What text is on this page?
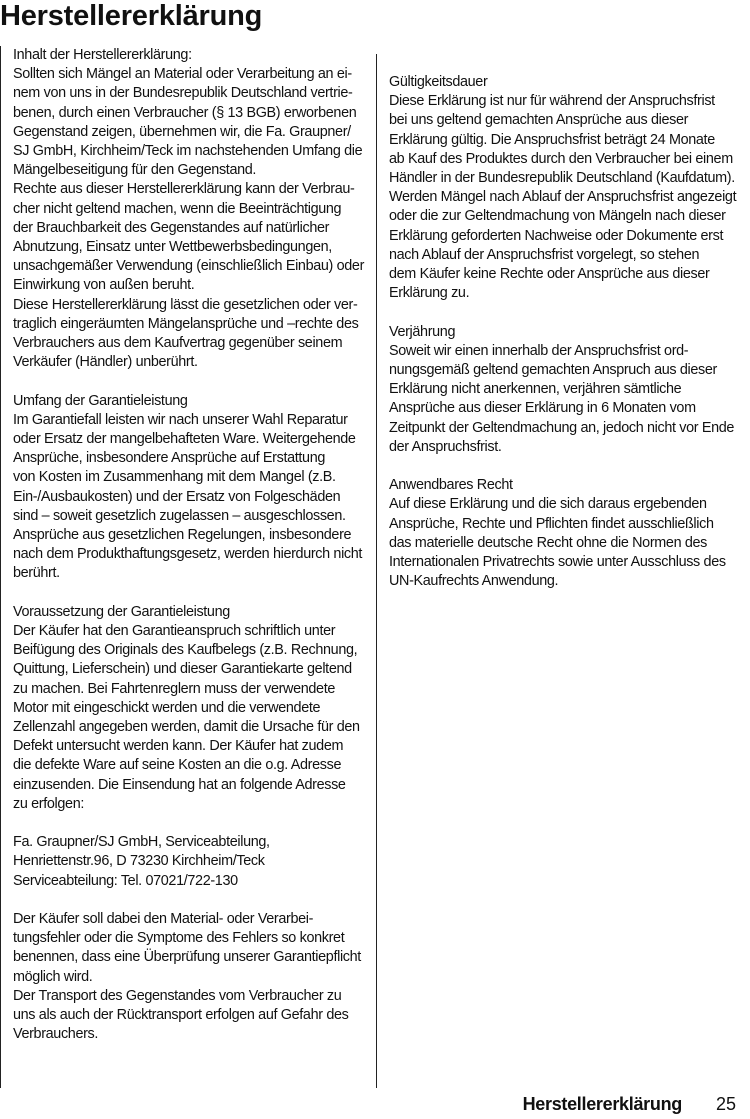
Herstellererklärung
Inhalt der Herstellererklärung:
Sollten sich Mängel an Material oder Verarbeitung an ei-
nem von uns in der Bundesrepublik Deutschland vertrie-
benen, durch einen Verbraucher (§ 13 BGB) erworbenen
Gegenstand zeigen, übernehmen wir, die Fa. Graupner/
SJ GmbH, Kirchheim/Teck im nachstehenden Umfang die
Mängelbeseitigung für den Gegenstand.
Rechte aus dieser Herstellererklärung kann der Verbrau-
cher nicht geltend machen, wenn die Beeinträchtigung
der Brauchbarkeit des Gegenstandes auf natürlicher
Abnutzung, Einsatz unter Wettbewerbsbedingungen,
unsachgemäßer Verwendung (einschließlich Einbau) oder
Einwirkung von außen beruht.
Diese Herstellererklärung lässt die gesetzlichen oder ver-
traglich eingeräumten Mängelansprüche und –rechte des
Verbrauchers aus dem Kaufvertrag gegenüber seinem
Verkäufer (Händler) unberührt.
Umfang der Garantieleistung
Im Garantiefall leisten wir nach unserer Wahl Reparatur
oder Ersatz der mangelbehafteten Ware. Weitergehende
Ansprüche, insbesondere Ansprüche auf Erstattung
von Kosten im Zusammenhang mit dem Mangel (z.B.
Ein-/Ausbaukosten) und der Ersatz von Folgeschäden
sind – soweit gesetzlich zugelassen – ausgeschlossen.
Ansprüche aus gesetzlichen Regelungen, insbesondere
nach dem Produkthaftungsgesetz, werden hierdurch nicht
berührt.
Voraussetzung der Garantieleistung
Der Käufer hat den Garantieanspruch schriftlich unter
Beifügung des Originals des Kaufbelegs (z.B. Rechnung,
Quittung, Lieferschein) und dieser Garantiekarte geltend
zu machen. Bei Fahrtenreglern muss der verwendete
Motor mit eingeschickt werden und die verwendete
Zellenzahl angegeben werden, damit die Ursache für den
Defekt untersucht werden kann. Der Käufer hat zudem
die defekte Ware auf seine Kosten an die o.g. Adresse
einzusenden. Die Einsendung hat an folgende Adresse
zu erfolgen:
Fa. Graupner/SJ GmbH, Serviceabteilung,
Henriettenstr.96, D 73230 Kirchheim/Teck
Serviceabteilung: Tel. 07021/722-130
Der Käufer soll dabei den Material- oder Verarbei-
tungsfehler oder die Symptome des Fehlers so konkret
benennen, dass eine Überprüfung unserer Garantiepflicht
möglich wird.
Der Transport des Gegenstandes vom Verbraucher zu
uns als auch der Rücktransport erfolgen auf Gefahr des
Verbrauchers.
Gültigkeitsdauer
Diese Erklärung ist nur für während der Anspruchsfrist
bei uns geltend gemachten Ansprüche aus dieser
Erklärung gültig. Die Anspruchsfrist beträgt 24 Monate
ab Kauf des Produktes durch den Verbraucher bei einem
Händler in der Bundesrepublik Deutschland (Kaufdatum).
Werden Mängel nach Ablauf der Anspruchsfrist angezeigt
oder die zur Geltendmachung von Mängeln nach dieser
Erklärung geforderten Nachweise oder Dokumente erst
nach Ablauf der Anspruchsfrist vorgelegt, so stehen
dem Käufer keine Rechte oder Ansprüche aus dieser
Erklärung zu.
Verjährung
Soweit wir einen innerhalb der Anspruchsfrist ord-
nungsgemäß geltend gemachten Anspruch aus dieser
Erklärung nicht anerkennen, verjähren sämtliche
Ansprüche aus dieser Erklärung in 6 Monaten vom
Zeitpunkt der Geltendmachung an, jedoch nicht vor Ende
der Anspruchsfrist.
Anwendbares Recht
Auf diese Erklärung und die sich daraus ergebenden
Ansprüche, Rechte und Pflichten findet ausschließlich
das materielle deutsche Recht ohne die Normen des
Internationalen Privatrechts sowie unter Ausschluss des
UN-Kaufrechts Anwendung.
Herstellererklärung 25
